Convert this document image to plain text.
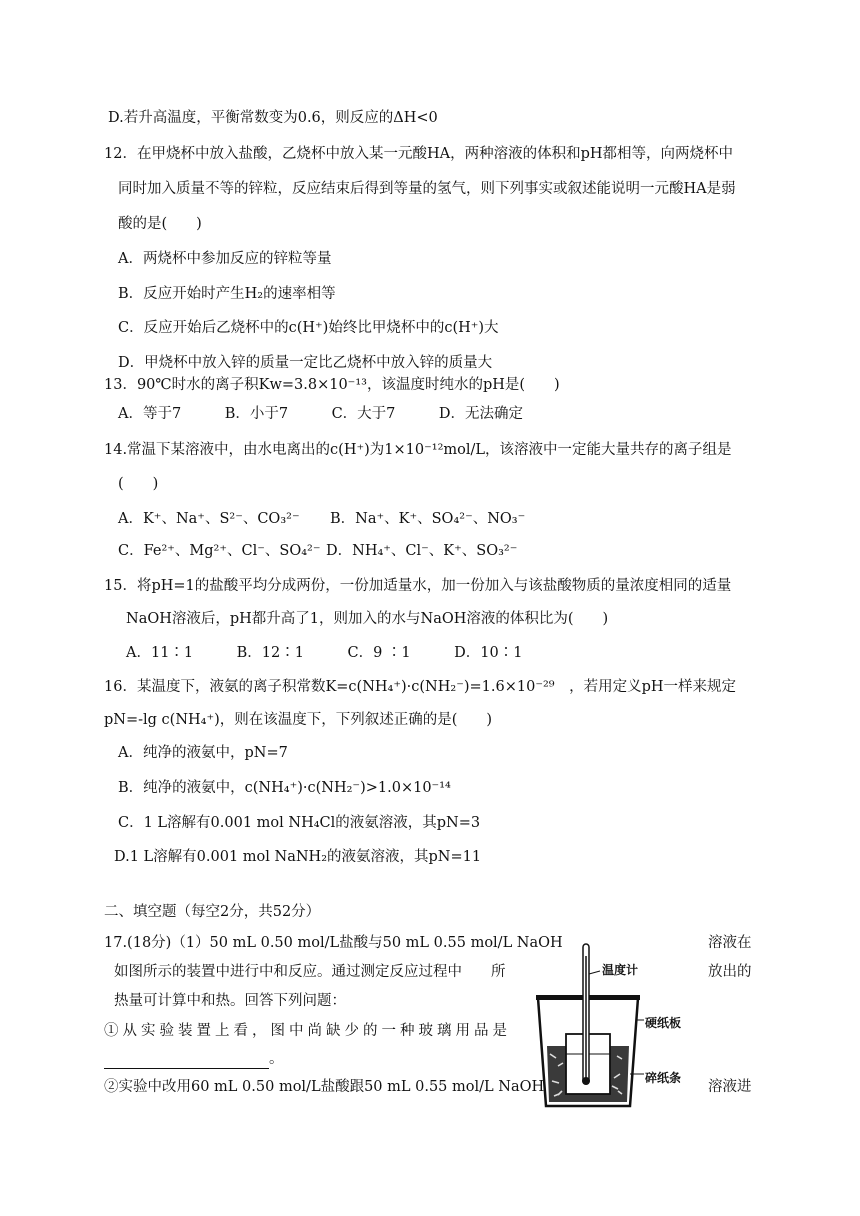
D.若升高温度，平衡常数变为0.6，则反应的ΔH<0
12．在甲烧杯中放入盐酸，乙烧杯中放入某一元酸HA，两种溶液的体积和pH都相等，向两烧杯中
同时加入质量不等的锌粒，反应结束后得到等量的氢气，则下列事实或叙述能说明一元酸HA是弱
酸的是(　　)
A．两烧杯中参加反应的锌粒等量
B．反应开始时产生H₂的速率相等
C．反应开始后乙烧杯中的c(H⁺)始终比甲烧杯中的c(H⁺)大
D．甲烧杯中放入锌的质量一定比乙烧杯中放入锌的质量大
13．90℃时水的离子积Kw=3.8×10⁻¹³，该温度时纯水的pH是(　　)
A．等于7　　　B．小于7　　　C．大于7　　　D．无法确定
14.常温下某溶液中，由水电离出的c(H⁺)为1×10⁻¹²mol/L，该溶液中一定能大量共存的离子组是
(　　)
A．K⁺、Na⁺、S²⁻、CO₃²⁻ B．Na⁺、K⁺、SO₄²⁻、NO₃⁻
C．Fe²⁺、Mg²⁺、Cl⁻、SO₄²⁻ D．NH₄⁺、Cl⁻、K⁺、SO₃²⁻
15．将pH=1的盐酸平均分成两份，一份加适量水，加一份加入与该盐酸物质的量浓度相同的适量
NaOH溶液后，pH都升高了1，则加入的水与NaOH溶液的体积比为(　　)
A．11∶1　　　B．12∶1　　　C．9 ∶1　　　D．10∶1
16．某温度下，液氨的离子积常数K=c(NH₄⁺)·c(NH₂⁻)=1.6×10⁻²⁹　，若用定义pH一样来规定
pN=-lg c(NH₄⁺)，则在该温度下，下列叙述正确的是(　　)
A．纯净的液氨中，pN=7
B．纯净的液氨中，c(NH₄⁺)·c(NH₂⁻)>1.0×10⁻¹⁴
C．1 L溶解有0.001 mol NH₄Cl的液氨溶液，其pN=3
D.1 L溶解有0.001 mol NaNH₂的液氨溶液，其pN=11
二、填空题（每空2分，共52分）
17.(18分)（1）50 mL 0.50 mol/L盐酸与50 mL 0.55 mol/L NaOH	溶液在
如图所示的装置中进行中和反应。通过测定反应过程中　　所	放出的
热量可计算中和热。回答下列问题：
①从实验装置上看，图中尚缺少的一种玻璃用品是
。
②实验中改用60 mL 0.50 mol/L盐酸跟50 mL 0.55 mol/L NaOH	溶液进
温度计
硬纸板
碎纸条
